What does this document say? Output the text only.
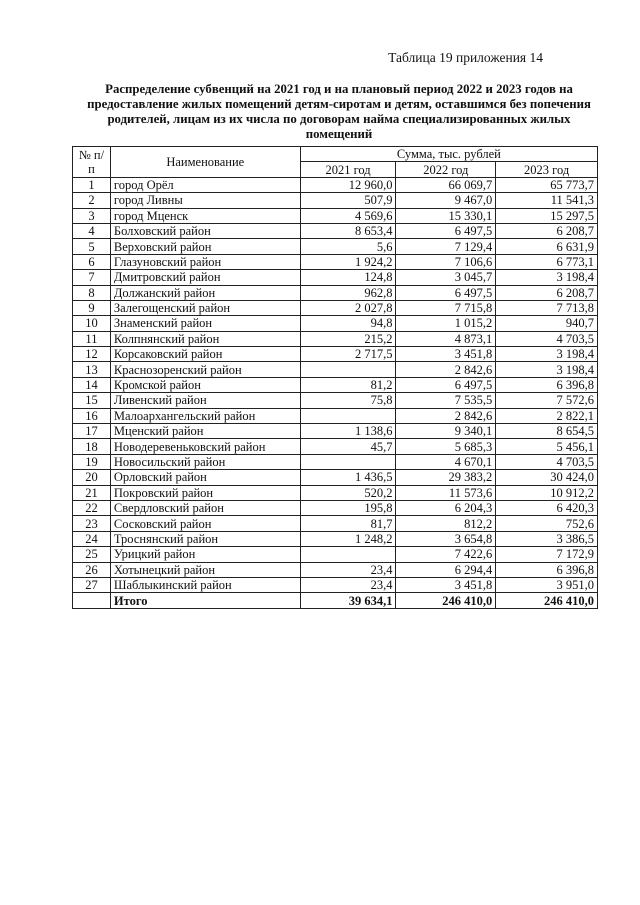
Таблица 19 приложения 14
Распределение субвенций на 2021 год и на плановый период 2022 и 2023 годов на предоставление жилых помещений детям-сиротам и детям, оставшимся без попечения родителей, лицам из их числа по договорам найма специализированных жилых помещений
№ п/п	Наименование	Сумма, тыс. рублей		
		2021 год	2022 год	2023 год
1	город Орёл	12 960,0	66 069,7	65 773,7
2	город Ливны	507,9	9 467,0	11 541,3
3	город Мценск	4 569,6	15 330,1	15 297,5
4	Болховский район	8 653,4	6 497,5	6 208,7
5	Верховский район	5,6	7 129,4	6 631,9
6	Глазуновский район	1 924,2	7 106,6	6 773,1
7	Дмитровский район	124,8	3 045,7	3 198,4
8	Должанский район	962,8	6 497,5	6 208,7
9	Залегощенский район	2 027,8	7 715,8	7 713,8
10	Знаменский район	94,8	1 015,2	940,7
11	Колпнянский район	215,2	4 873,1	4 703,5
12	Корсаковский район	2 717,5	3 451,8	3 198,4
13	Краснозоренский район		2 842,6	3 198,4
14	Кромской район	81,2	6 497,5	6 396,8
15	Ливенский район	75,8	7 535,5	7 572,6
16	Малоархангельский район		2 842,6	2 822,1
17	Мценский район	1 138,6	9 340,1	8 654,5
18	Новодеревеньковский район	45,7	5 685,3	5 456,1
19	Новосильский район		4 670,1	4 703,5
20	Орловский район	1 436,5	29 383,2	30 424,0
21	Покровский район	520,2	11 573,6	10 912,2
22	Свердловский район	195,8	6 204,3	6 420,3
23	Сосковский район	81,7	812,2	752,6
24	Троснянский район	1 248,2	3 654,8	3 386,5
25	Урицкий район		7 422,6	7 172,9
26	Хотынецкий район	23,4	6 294,4	6 396,8
27	Шаблыкинский район	23,4	3 451,8	3 951,0
	Итого	39 634,1	246 410,0	246 410,0
